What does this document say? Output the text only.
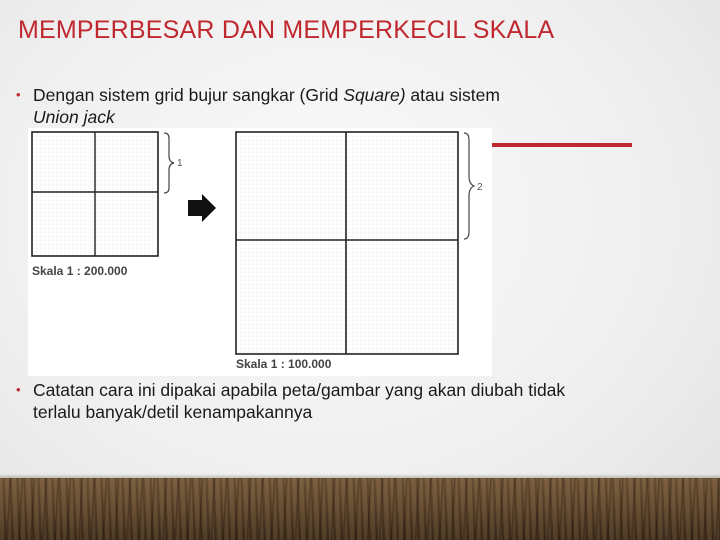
MEMPERBESAR DAN MEMPERKECIL SKALA
• Dengan sistem grid bujur sangkar (Grid Square) atau sistem
Union jack
1
Skala 1 : 200.000
2
Skala 1 : 100.000
• Catatan cara ini dipakai apabila peta/gambar yang akan diubah tidak terlalu banyak/detil kenampakannya
